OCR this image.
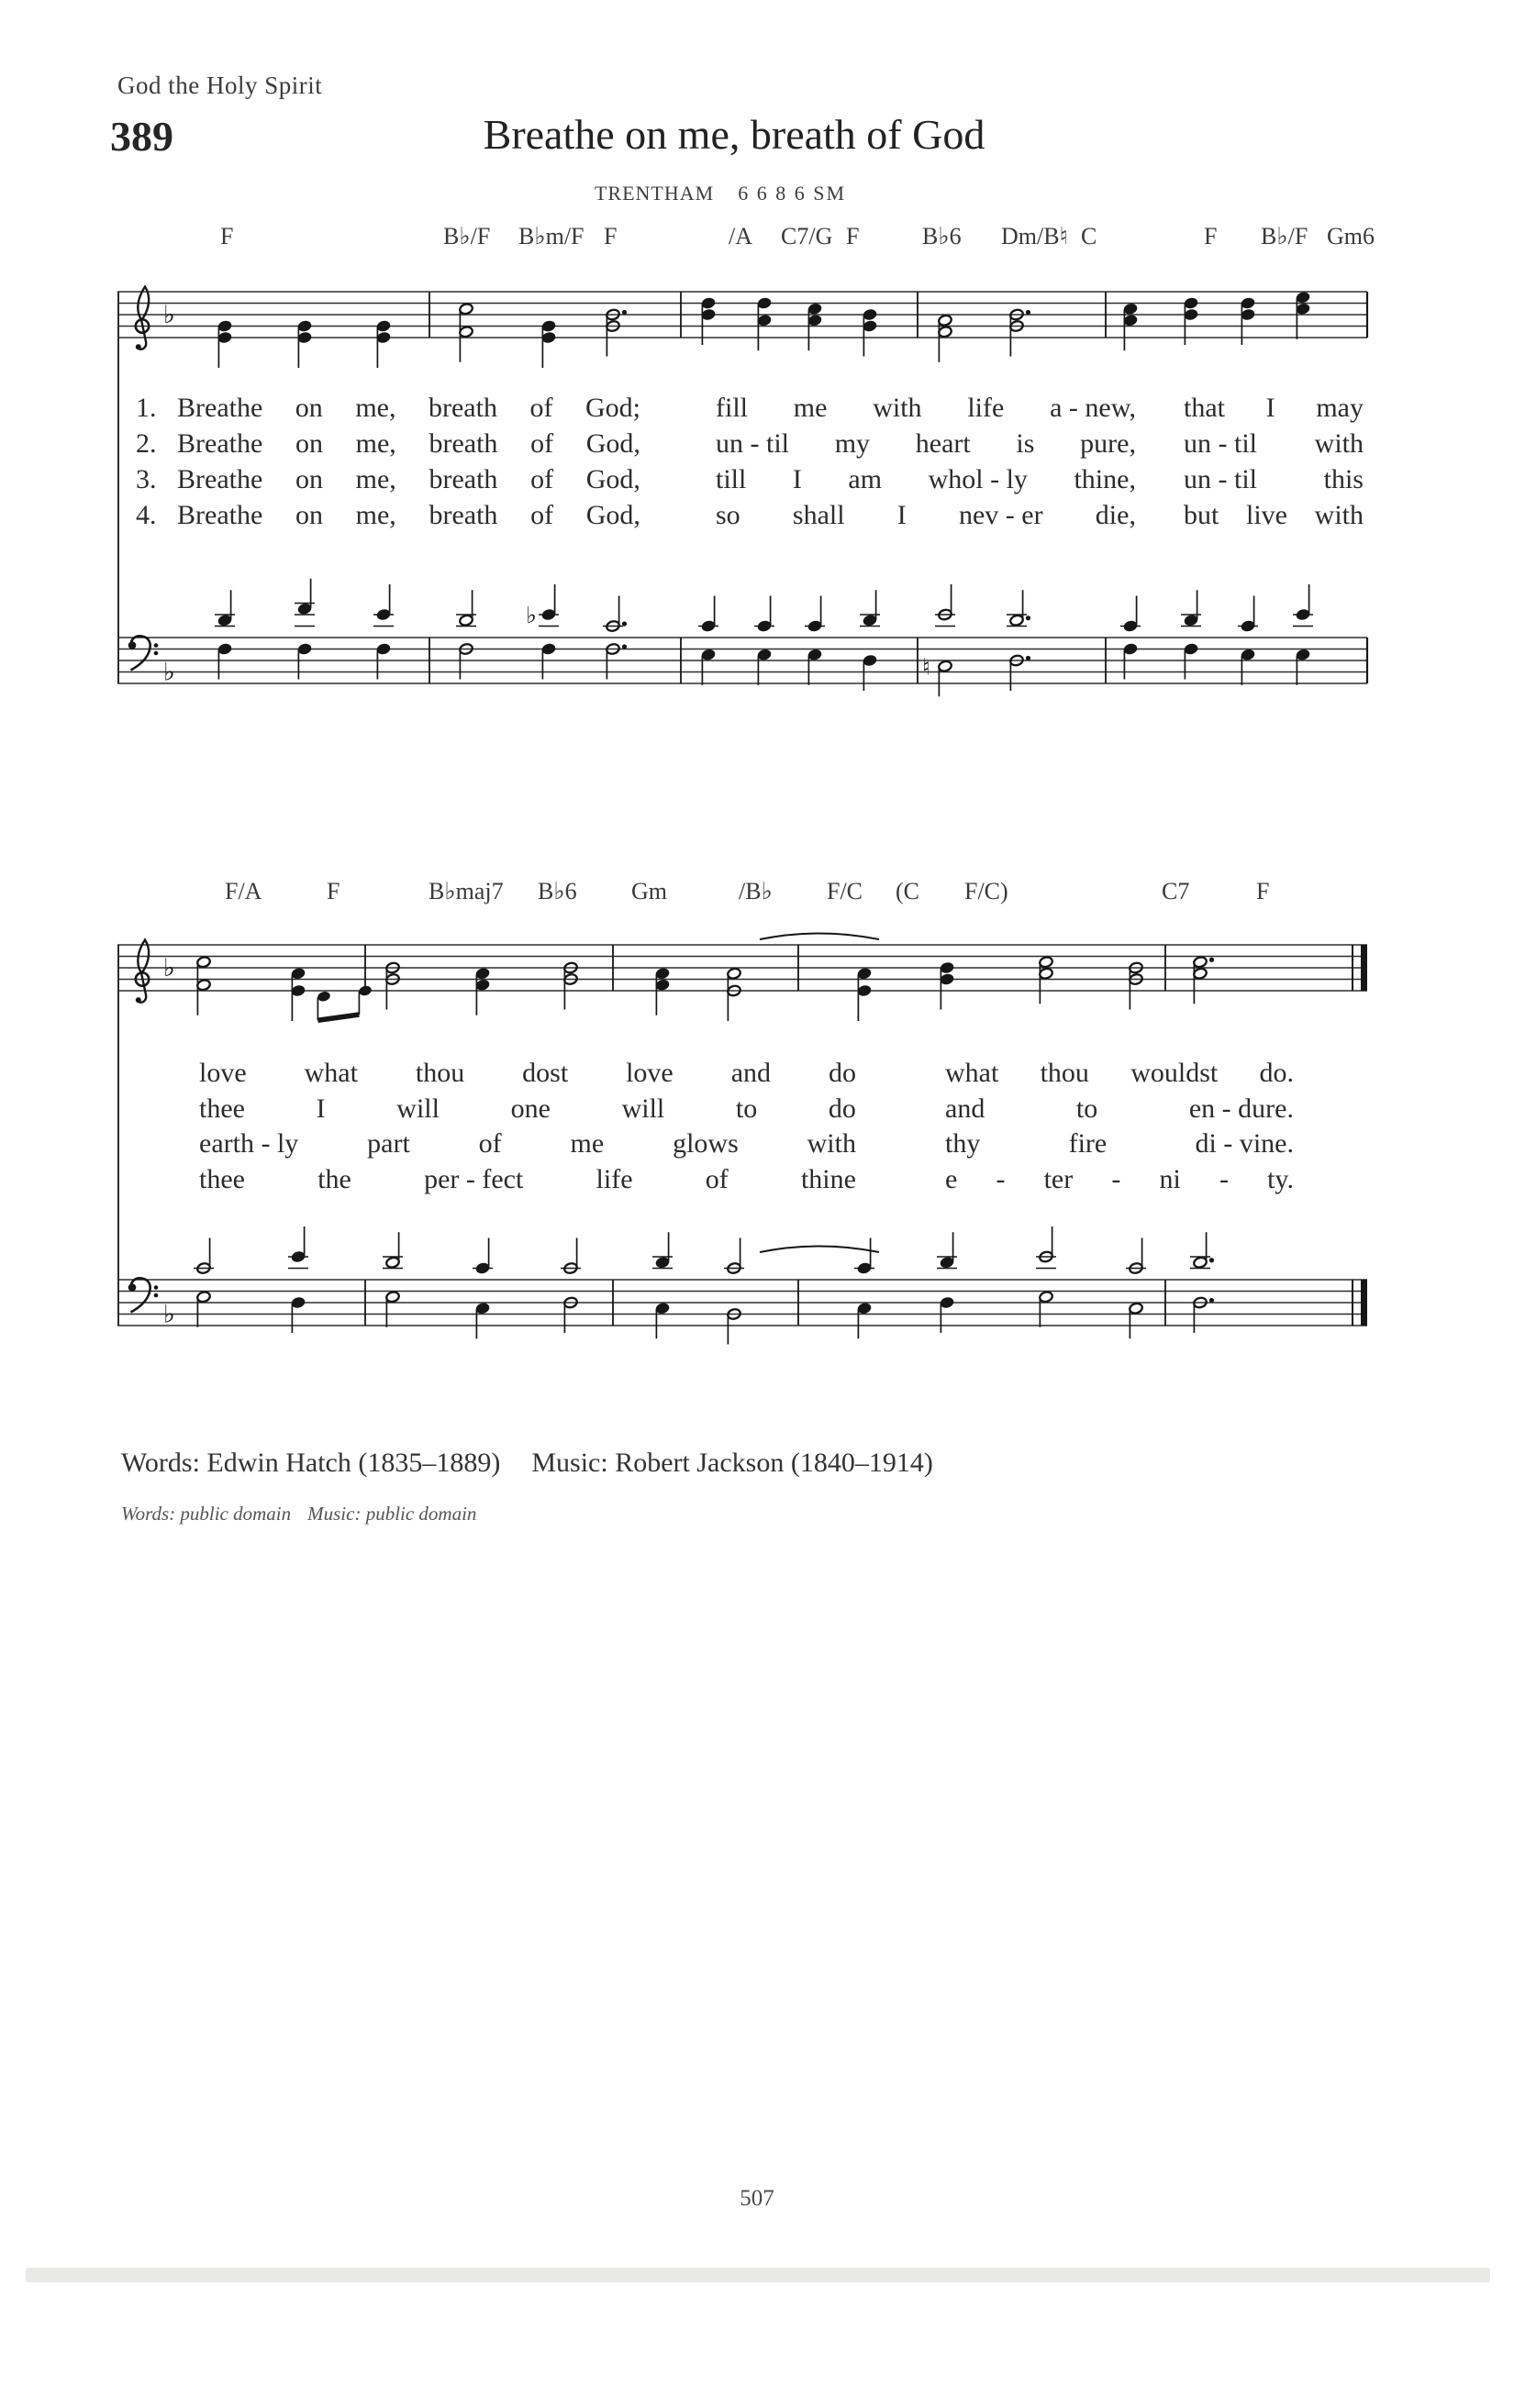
God the Holy Spirit
389	Breathe on me, breath of God
TRENTHAM 6 6 8 6 SM
F	B♭/F B♭m/F F	/A C7/G F	B♭6 Dm/B♮ C	F B♭/F Gm6
F/A	F	B♭maj7 B♭6 Gm	/B♭ F/C (C F/C)	C7	F
♭
♭
♭
♮
♭
♭
1. Breathe on me, breath of God;	fill me with life a - new, that I may
2. Breathe on me, breath of God,	un - til my heart is pure, un - til with
3. Breathe on me, breath of God,	till I am whol - ly thine, un - til this
4. Breathe on me, breath of God,	so shall I nev - er die, but live with
love what thou dost love and do	what thou wouldst do.
thee	I	will	one	will	to	do	and	to	en - dure.
earth - ly part of me glows with	thy	fire	di - vine.
thee	the	per - fect	life	of	thine	e - ter - ni - ty.
Words: Edwin Hatch (1835–1889) Music: Robert Jackson (1840–1914)
Words: public domain Music: public domain
507
